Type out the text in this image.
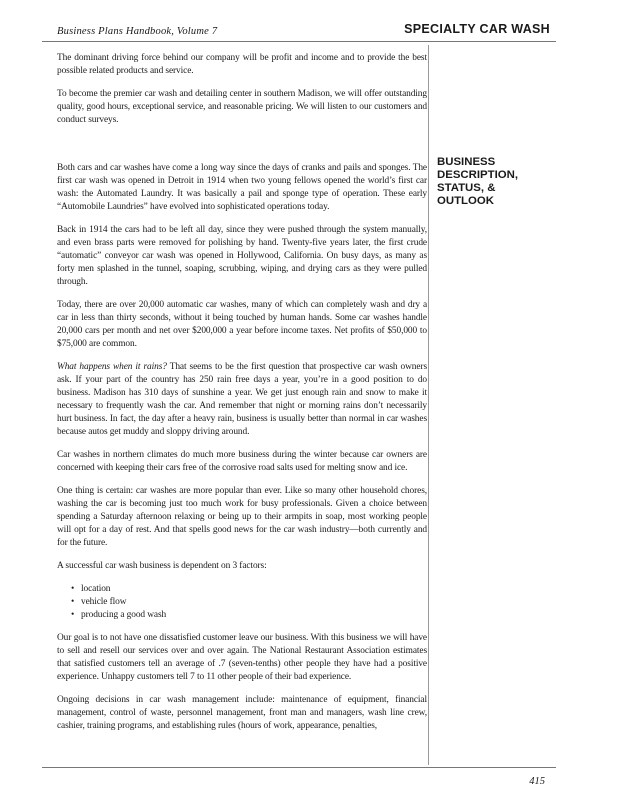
Business Plans Handbook, Volume 7	SPECIALTY CAR WASH
BUSINESS
DESCRIPTION,
STATUS, &
OUTLOOK

The dominant driving force behind our company will be profit and income and to provide the best possible related products and service.

To become the premier car wash and detailing center in southern Madison, we will offer outstanding quality, good hours, exceptional service, and reasonable pricing. We will listen to our customers and conduct surveys.

Both cars and car washes have come a long way since the days of cranks and pails and sponges. The first car wash was opened in Detroit in 1914 when two young fellows opened the world’s first car wash: the Automated Laundry. It was basically a pail and sponge type of operation. These early “Automobile Laundries” have evolved into sophisticated operations today.

Back in 1914 the cars had to be left all day, since they were pushed through the system manually, and even brass parts were removed for polishing by hand. Twenty-five years later, the first crude “automatic” conveyor car wash was opened in Hollywood, California. On busy days, as many as forty men splashed in the tunnel, soaping, scrubbing, wiping, and drying cars as they were pulled through.

Today, there are over 20,000 automatic car washes, many of which can completely wash and dry a car in less than thirty seconds, without it being touched by human hands. Some car washes handle 20,000 cars per month and net over $200,000 a year before income taxes. Net profits of $50,000 to $75,000 are common.

What happens when it rains? That seems to be the first question that prospective car wash owners ask. If your part of the country has 250 rain free days a year, you’re in a good position to do business. Madison has 310 days of sunshine a year. We get just enough rain and snow to make it necessary to frequently wash the car. And remember that night or morning rains don’t necessarily hurt business. In fact, the day after a heavy rain, business is usually better than normal in car washes because autos get muddy and sloppy driving around.

Car washes in northern climates do much more business during the winter because car owners are concerned with keeping their cars free of the corrosive road salts used for melting snow and ice.

One thing is certain: car washes are more popular than ever. Like so many other household chores, washing the car is becoming just too much work for busy professionals. Given a choice between spending a Saturday afternoon relaxing or being up to their armpits in soap, most working people will opt for a day of rest. And that spells good news for the car wash industry—both currently and for the future.

A successful car wash business is dependent on 3 factors:

• location
• vehicle flow
• producing a good wash

Our goal is to not have one dissatisfied customer leave our business. With this business we will have to sell and resell our services over and over again. The National Restaurant Association estimates that satisfied customers tell an average of .7 (seven-tenths) other people they have had a positive experience. Unhappy customers tell 7 to 11 other people of their bad experience.

Ongoing decisions in car wash management include: maintenance of equipment, financial management, control of waste, personnel management, front man and managers, wash line crew, cashier, training programs, and establishing rules (hours of work, appearance, penalties,

415
